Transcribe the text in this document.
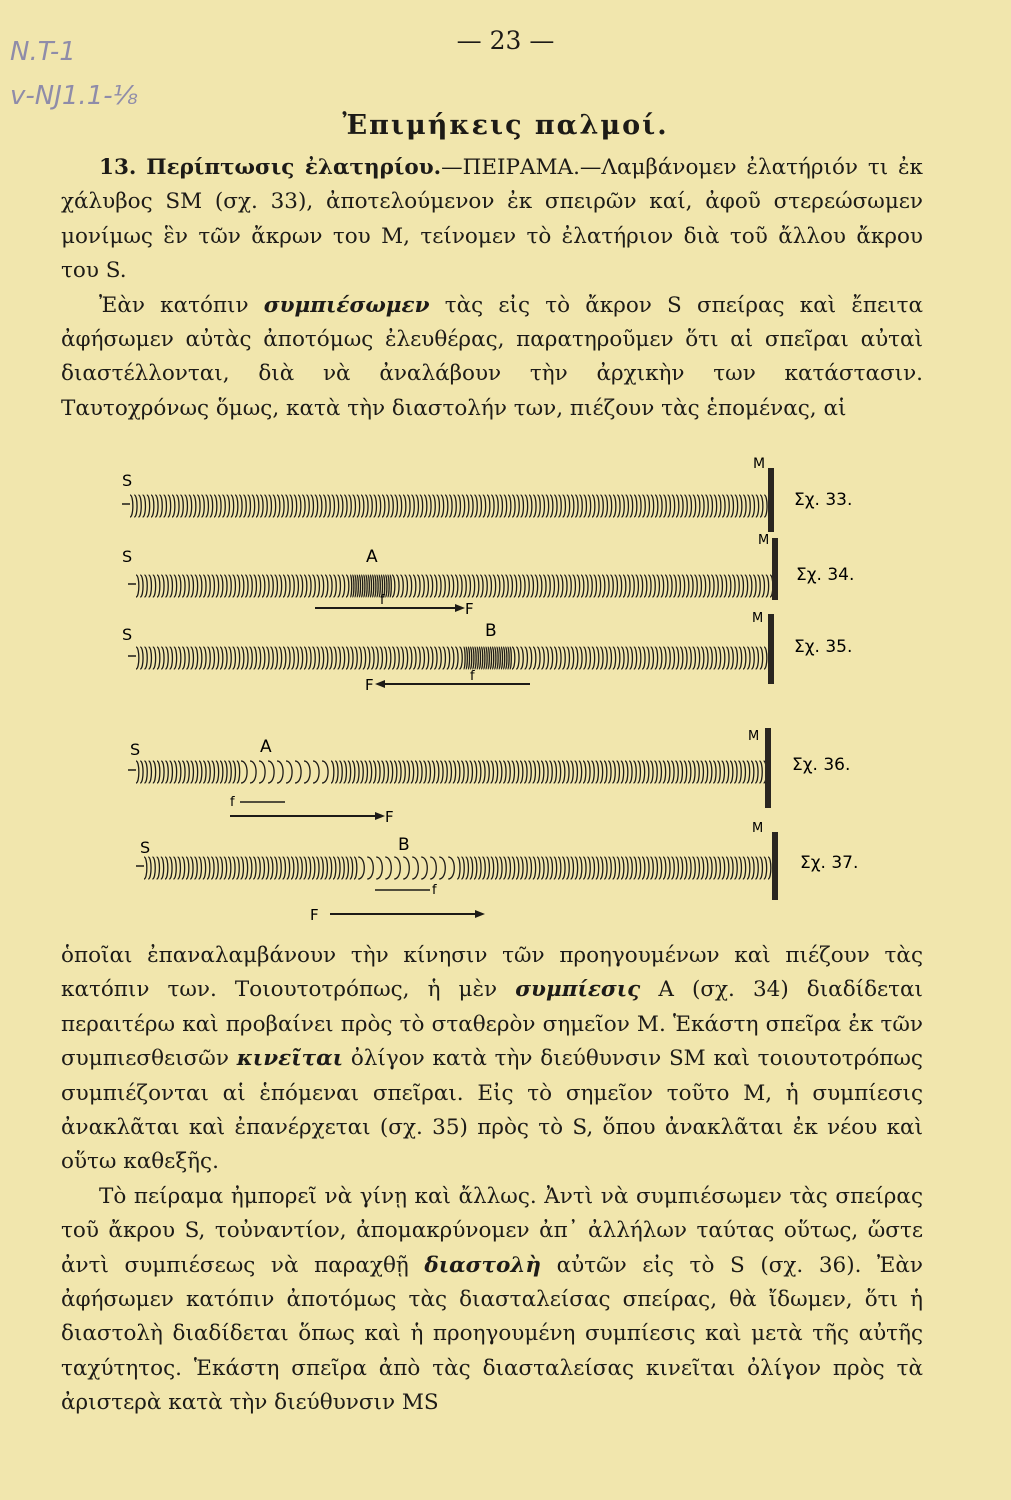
N.T-1
v-NJ1.1-¹⁄₈
— 23 —
Ἐπιμήκεις παλμοί.

13. Περίπτωσις ἐλατηρίου.—ΠΕΙΡΑΜΑ.—Λαμβάνομεν ἐλατήριόν τι ἐκ χάλυβος SM (σχ. 33), ἀποτελούμενον ἐκ σπειρῶν καί, ἀφοῦ στερεώσωμεν μονίμως ἓν τῶν ἄκρων του M, τείνομεν τὸ ἐλατήριον διὰ τοῦ ἄλλου ἄκρου του S.

Ἐὰν κατόπιν συμπιέσωμεν τὰς εἰς τὸ ἄκρον S σπείρας καὶ ἔπειτα ἀφήσωμεν αὐτὰς ἀποτόμως ἐλευθέρας, παρατηροῦμεν ὅτι αἱ σπεῖραι αὐταὶ διαστέλλονται, διὰ νὰ ἀναλάβουν τὴν ἀρχικὴν των κατάστασιν. Ταυτοχρόνως ὅμως, κατὰ τὴν διαστολήν των, πιέζουν τὰς ἑπομένας, αἱ

S
M
Σχ. 33.
S	A
M
Σχ. 34.
f	F
S	B
M
Σχ. 35.
F	f
S	A
M
Σχ. 36.
f
F
S	B
M
Σχ. 37.
f
F

ὁποῖαι ἐπαναλαμβάνουν τὴν κίνησιν τῶν προηγουμένων καὶ πιέζουν τὰς κατόπιν των. Τοιουτοτρόπως, ἡ μὲν συμπίεσις A (σχ. 34) διαδίδεται περαιτέρω καὶ προβαίνει πρὸς τὸ σταθερὸν σημεῖον M. Ἑκάστη σπεῖρα ἐκ τῶν συμπιεσθεισῶν κινεῖται ὀλίγον κατὰ τὴν διεύθυνσιν SM καὶ τοιουτοτρόπως συμπιέζονται αἱ ἑπόμεναι σπεῖραι. Εἰς τὸ σημεῖον τοῦτο M, ἡ συμπίεσις ἀνακλᾶται καὶ ἐπανέρχεται (σχ. 35) πρὸς τὸ S, ὅπου ἀνακλᾶται ἐκ νέου καὶ οὕτω καθεξῆς.

Τὸ πείραμα ἠμπορεῖ νὰ γίνῃ καὶ ἄλλως. Ἀντὶ νὰ συμπιέσωμεν τὰς σπείρας τοῦ ἄκρου S, τοὐναντίον, ἀπομακρύνομεν ἀπ᾿ ἀλλήλων ταύτας οὕτως, ὥστε ἀντὶ συμπιέσεως νὰ παραχθῇ διαστολὴ αὐτῶν εἰς τὸ S (σχ. 36). Ἐὰν ἀφήσωμεν κατόπιν ἀποτόμως τὰς διασταλείσας σπείρας, θὰ ἴδωμεν, ὅτι ἡ διαστολὴ διαδίδεται ὅπως καὶ ἡ προηγουμένη συμπίεσις καὶ μετὰ τῆς αὐτῆς ταχύτητος. Ἑκάστη σπεῖρα ἀπὸ τὰς διασταλείσας κινεῖται ὀλίγον πρὸς τὰ ἀριστερὰ κατὰ τὴν διεύθυνσιν MS
